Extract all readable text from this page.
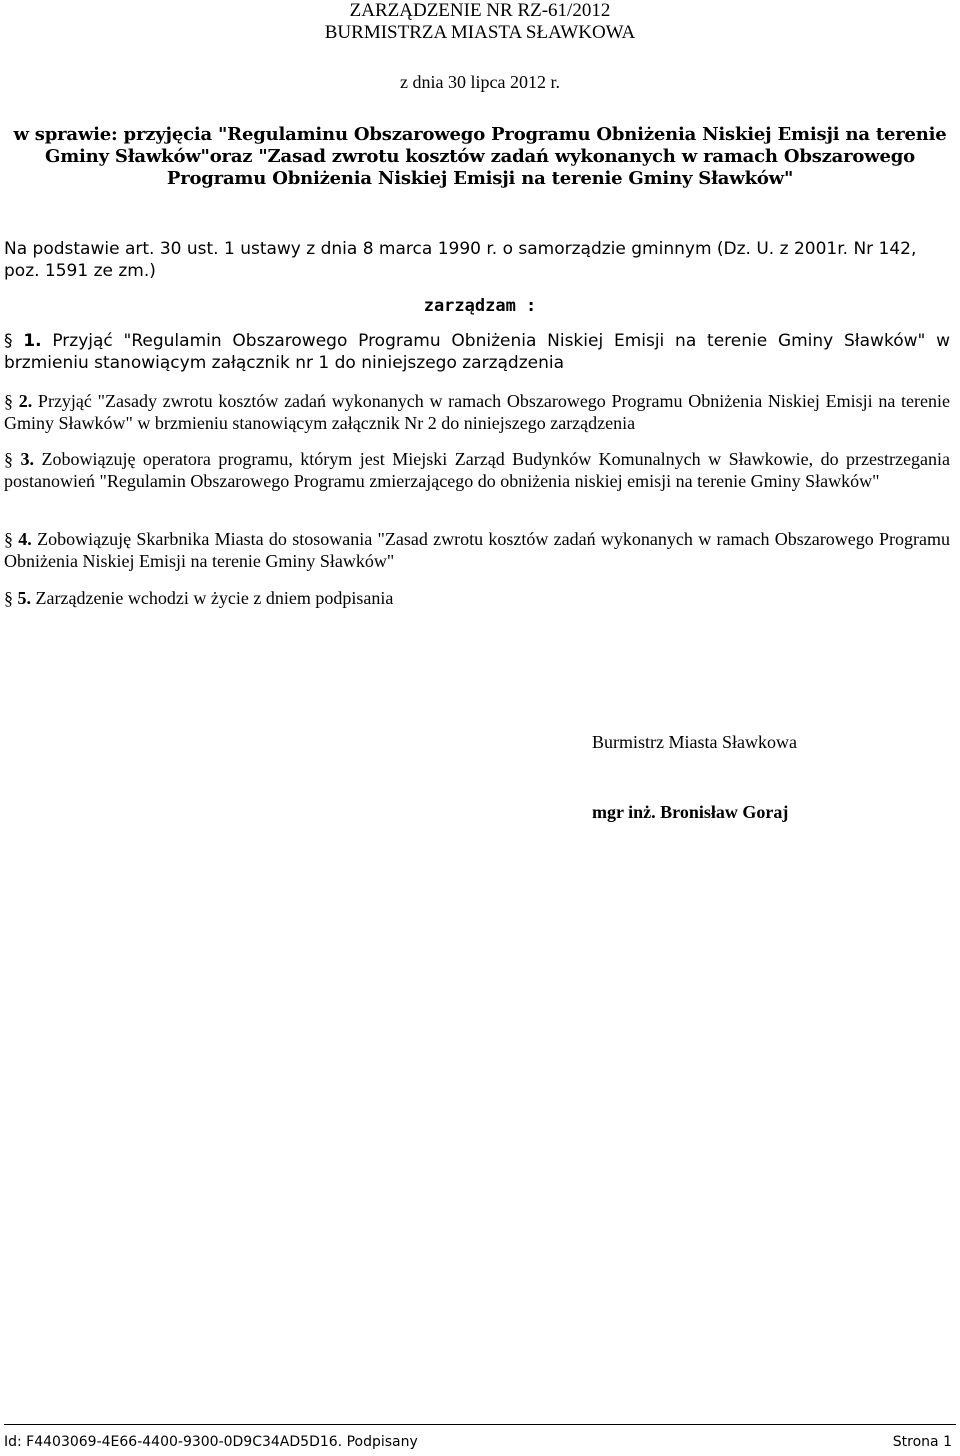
ZARZĄDZENIE NR RZ-61/2012
BURMISTRZA MIASTA SŁAWKOWA
z dnia 30 lipca 2012 r.
w sprawie: przyjęcia "Regulaminu Obszarowego Programu Obniżenia Niskiej Emisji na terenie Gminy Sławków"oraz "Zasad zwrotu kosztów zadań wykonanych w ramach Obszarowego Programu Obniżenia Niskiej Emisji na terenie Gminy Sławków"
Na podstawie art. 30 ust. 1 ustawy z dnia 8 marca 1990 r. o samorządzie gminnym (Dz. U. z 2001r. Nr 142, poz. 1591 ze zm.)
zarządzam :
§ 1. Przyjąć "Regulamin Obszarowego Programu Obniżenia Niskiej Emisji na terenie Gminy Sławków" w brzmieniu stanowiącym załącznik nr 1 do niniejszego zarządzenia
§ 2. Przyjąć "Zasady zwrotu kosztów zadań wykonanych w ramach Obszarowego Programu Obniżenia Niskiej Emisji na terenie Gminy Sławków" w brzmieniu stanowiącym załącznik Nr 2 do niniejszego zarządzenia
§ 3. Zobowiązuję operatora programu, którym jest Miejski Zarząd Budynków Komunalnych w Sławkowie, do przestrzegania postanowień "Regulamin Obszarowego Programu zmierzającego do obniżenia niskiej emisji na terenie Gminy Sławków"
§ 4. Zobowiązuję Skarbnika Miasta do stosowania "Zasad zwrotu kosztów zadań wykonanych w ramach Obszarowego Programu Obniżenia Niskiej Emisji na terenie Gminy Sławków"
§ 5. Zarządzenie wchodzi w życie z dniem podpisania
Burmistrz Miasta Sławkowa
mgr inż. Bronisław Goraj
Id: F4403069-4E66-4400-9300-0D9C34AD5D16. Podpisany	Strona 1
